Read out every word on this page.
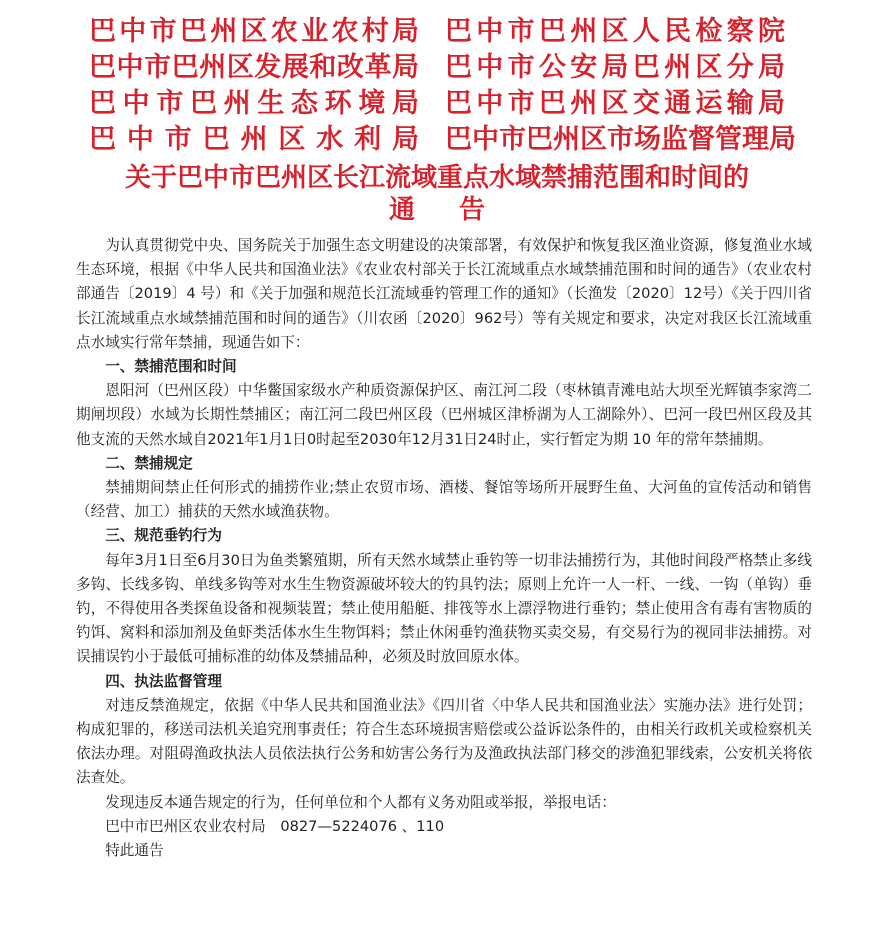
巴中市巴州区农业农村局 巴中市巴州区人民检察院
巴中市巴州区发展和改革局 巴中市公安局巴州区分局
巴中市巴州生态环境局 巴中市巴州区交通运输局
巴中市巴州区水利局 巴中市巴州区市场监督管理局
关于巴中市巴州区长江流域重点水域禁捕范围和时间的
通告

为认真贯彻党中央、国务院关于加强生态文明建设的决策部署，有效保护和恢复我区渔业资源，修复渔业水域生态环境，根据《中华人民共和国渔业法》《农业农村部关于长江流域重点水域禁捕范围和时间的通告》（农业农村部通告〔2019〕4 号）和《关于加强和规范长江流域垂钓管理工作的通知》（长渔发〔2020〕12号）《关于四川省长江流域重点水域禁捕范围和时间的通告》（川农函〔2020〕962号）等有关规定和要求，决定对我区长江流域重点水域实行常年禁捕，现通告如下：

一、禁捕范围和时间

恩阳河（巴州区段）中华鳖国家级水产种质资源保护区、南江河二段（枣林镇青滩电站大坝至光辉镇李家湾二期闸坝段）水域为长期性禁捕区；南江河二段巴州区段（巴州城区津桥湖为人工湖除外）、巴河一段巴州区段及其他支流的天然水域自2021年1月1日0时起至2030年12月31日24时止，实行暂定为期 10 年的常年禁捕期。

二、禁捕规定

禁捕期间禁止任何形式的捕捞作业;禁止农贸市场、酒楼、餐馆等场所开展野生鱼、大河鱼的宣传活动和销售（经营、加工）捕获的天然水域渔获物。

三、规范垂钓行为

每年3月1日至6月30日为鱼类繁殖期，所有天然水域禁止垂钓等一切非法捕捞行为，其他时间段严格禁止多线多钩、长线多钩、单线多钩等对水生生物资源破坏较大的钓具钓法；原则上允许一人一杆、一线、一钩（单钩）垂钓，不得使用各类探鱼设备和视频装置；禁止使用船艇、排筏等水上漂浮物进行垂钓；禁止使用含有毒有害物质的钓饵、窝料和添加剂及鱼虾类活体水生生物饵料；禁止休闲垂钓渔获物买卖交易，有交易行为的视同非法捕捞。对误捕误钓小于最低可捕标准的幼体及禁捕品种，必须及时放回原水体。

四、执法监督管理

对违反禁渔规定，依据《中华人民共和国渔业法》《四川省〈中华人民共和国渔业法〉实施办法》进行处罚；构成犯罪的，移送司法机关追究刑事责任；符合生态环境损害赔偿或公益诉讼条件的，由相关行政机关或检察机关依法办理。对阻碍渔政执法人员依法执行公务和妨害公务行为及渔政执法部门移交的涉渔犯罪线索，公安机关将依法查处。

发现违反本通告规定的行为，任何单位和个人都有义务劝阻或举报，举报电话：

巴中市巴州区农业农村局　0827—5224076 、110

特此通告
